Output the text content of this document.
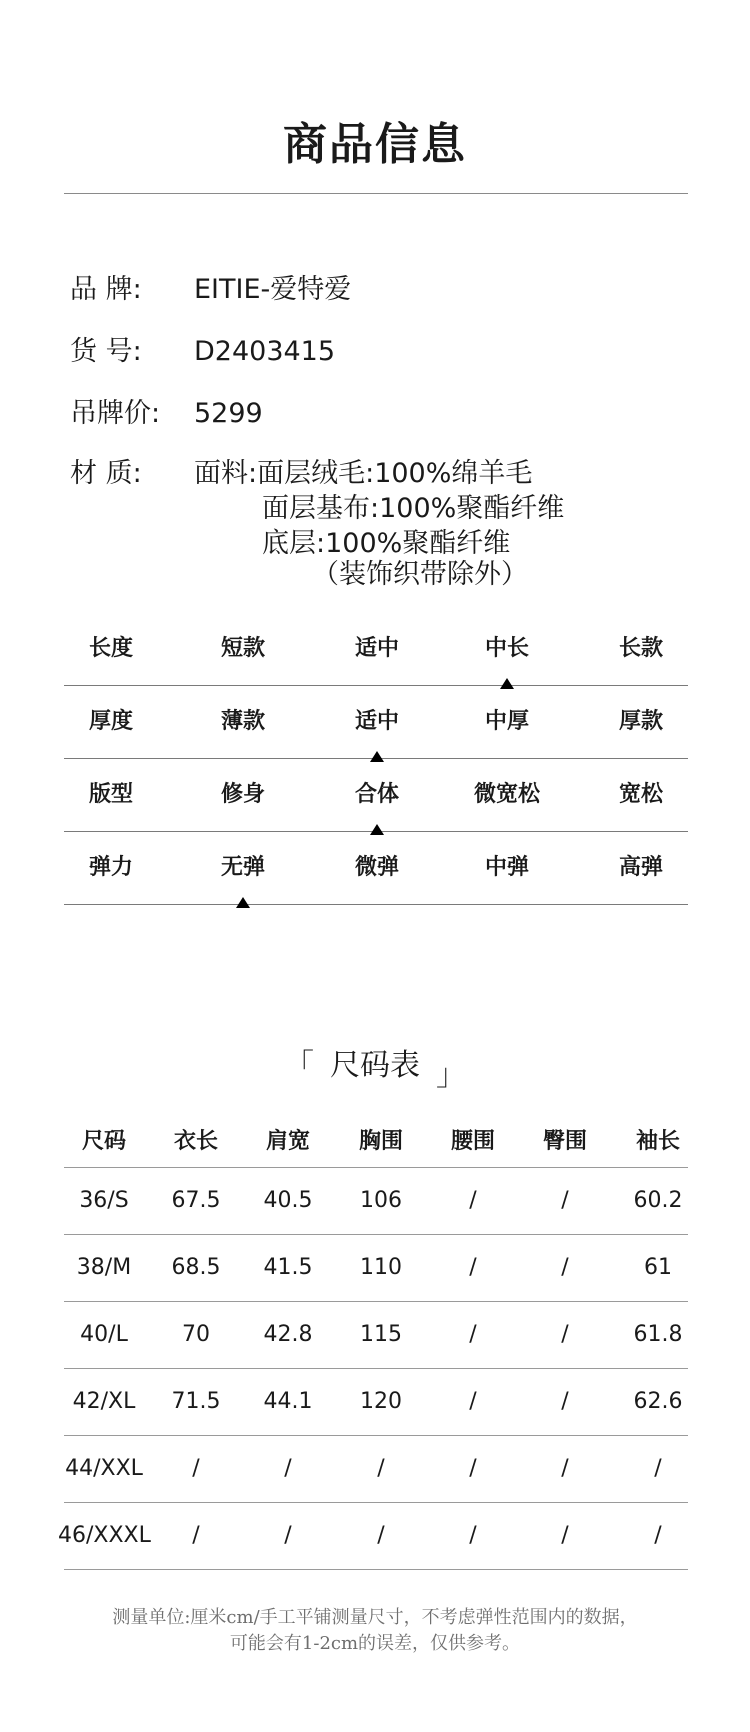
商品信息
品 牌:	EITIE-爱特爱
货 号:	D2403415
吊牌价:	5299
材 质:	面料:面层绒毛:100%绵羊毛
面层基布:100%聚酯纤维
底层:100%聚酯纤维
（装饰织带除外）
长度	短款	适中	中长	长款
厚度	薄款	适中	中厚	厚款
版型	修身	合体	微宽松	宽松
弹力	无弹	微弹	中弹	高弹
「 尺码表 」
尺码	衣长	肩宽	胸围	腰围	臀围	袖长
36/S	67.5	40.5	106	/	/	60.2
38/M	68.5	41.5	110	/	/	61
40/L	70	42.8	115	/	/	61.8
42/XL	71.5	44.1	120	/	/	62.6
44/XXL	/	/	/	/	/	/
46/XXXL	/	/	/	/	/	/
测量单位:厘米cm/手工平铺测量尺寸，不考虑弹性范围内的数据，
可能会有1-2cm的误差，仅供参考。
